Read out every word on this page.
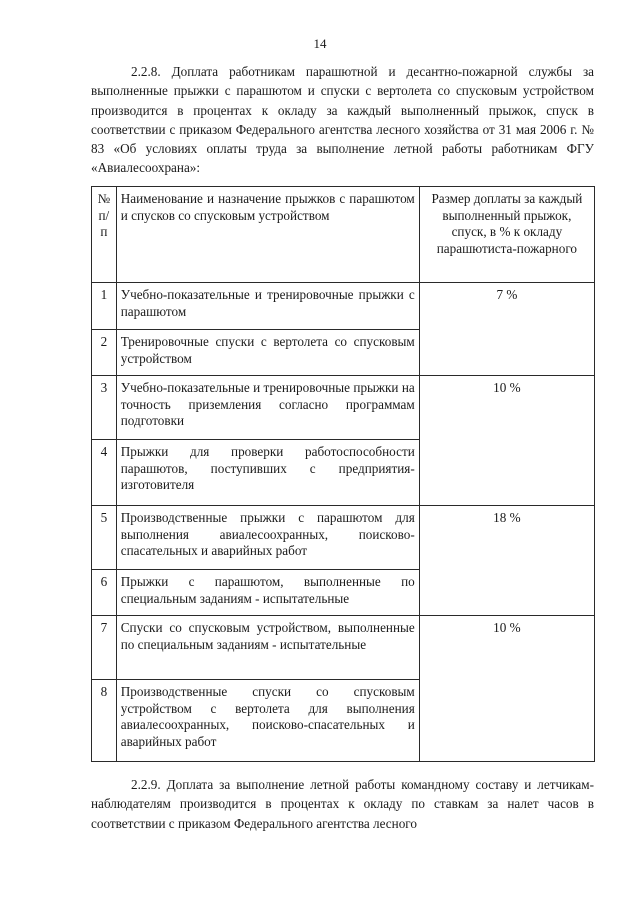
14

2.2.8. Доплата работникам парашютной и десантно-пожарной службы за выполненные прыжки с парашютом и спуски с вертолета со спусковым устройством производится в процентах к окладу за каждый выполненный прыжок, спуск в соответствии с приказом Федерального агентства лесного хозяйства от 31 мая 2006 г. № 83 «Об условиях оплаты труда за выполнение летной работы работникам ФГУ «Авиалесоохрана»:

№ п/п	Наименование и назначение прыжков с парашютом и спусков со спусковым устройством	Размер доплаты за каждый выполненный прыжок, спуск, в % к окладу парашютиста-пожарного
1	Учебно-показательные и тренировочные прыжки с парашютом	7 %
2	Тренировочные спуски с вертолета со спусковым устройством	
3	Учебно-показательные и тренировочные прыжки на точность приземления согласно программам подготовки	10 %
4	Прыжки для проверки работоспособности парашютов, поступивших с предприятия-изготовителя	
5	Производственные прыжки с парашютом для выполнения авиалесоохранных, поисково-спасательных и аварийных работ	18 %
6	Прыжки с парашютом, выполненные по специальным заданиям - испытательные	
7	Спуски со спусковым устройством, выполненные по специальным заданиям - испытательные	10 %
8	Производственные спуски со спусковым устройством с вертолета для выполнения авиалесоохранных, поисково-спасательных и аварийных работ	

2.2.9. Доплата за выполнение летной работы командному составу и летчикам-наблюдателям производится в процентах к окладу по ставкам за налет часов в соответствии с приказом Федерального агентства лесного
